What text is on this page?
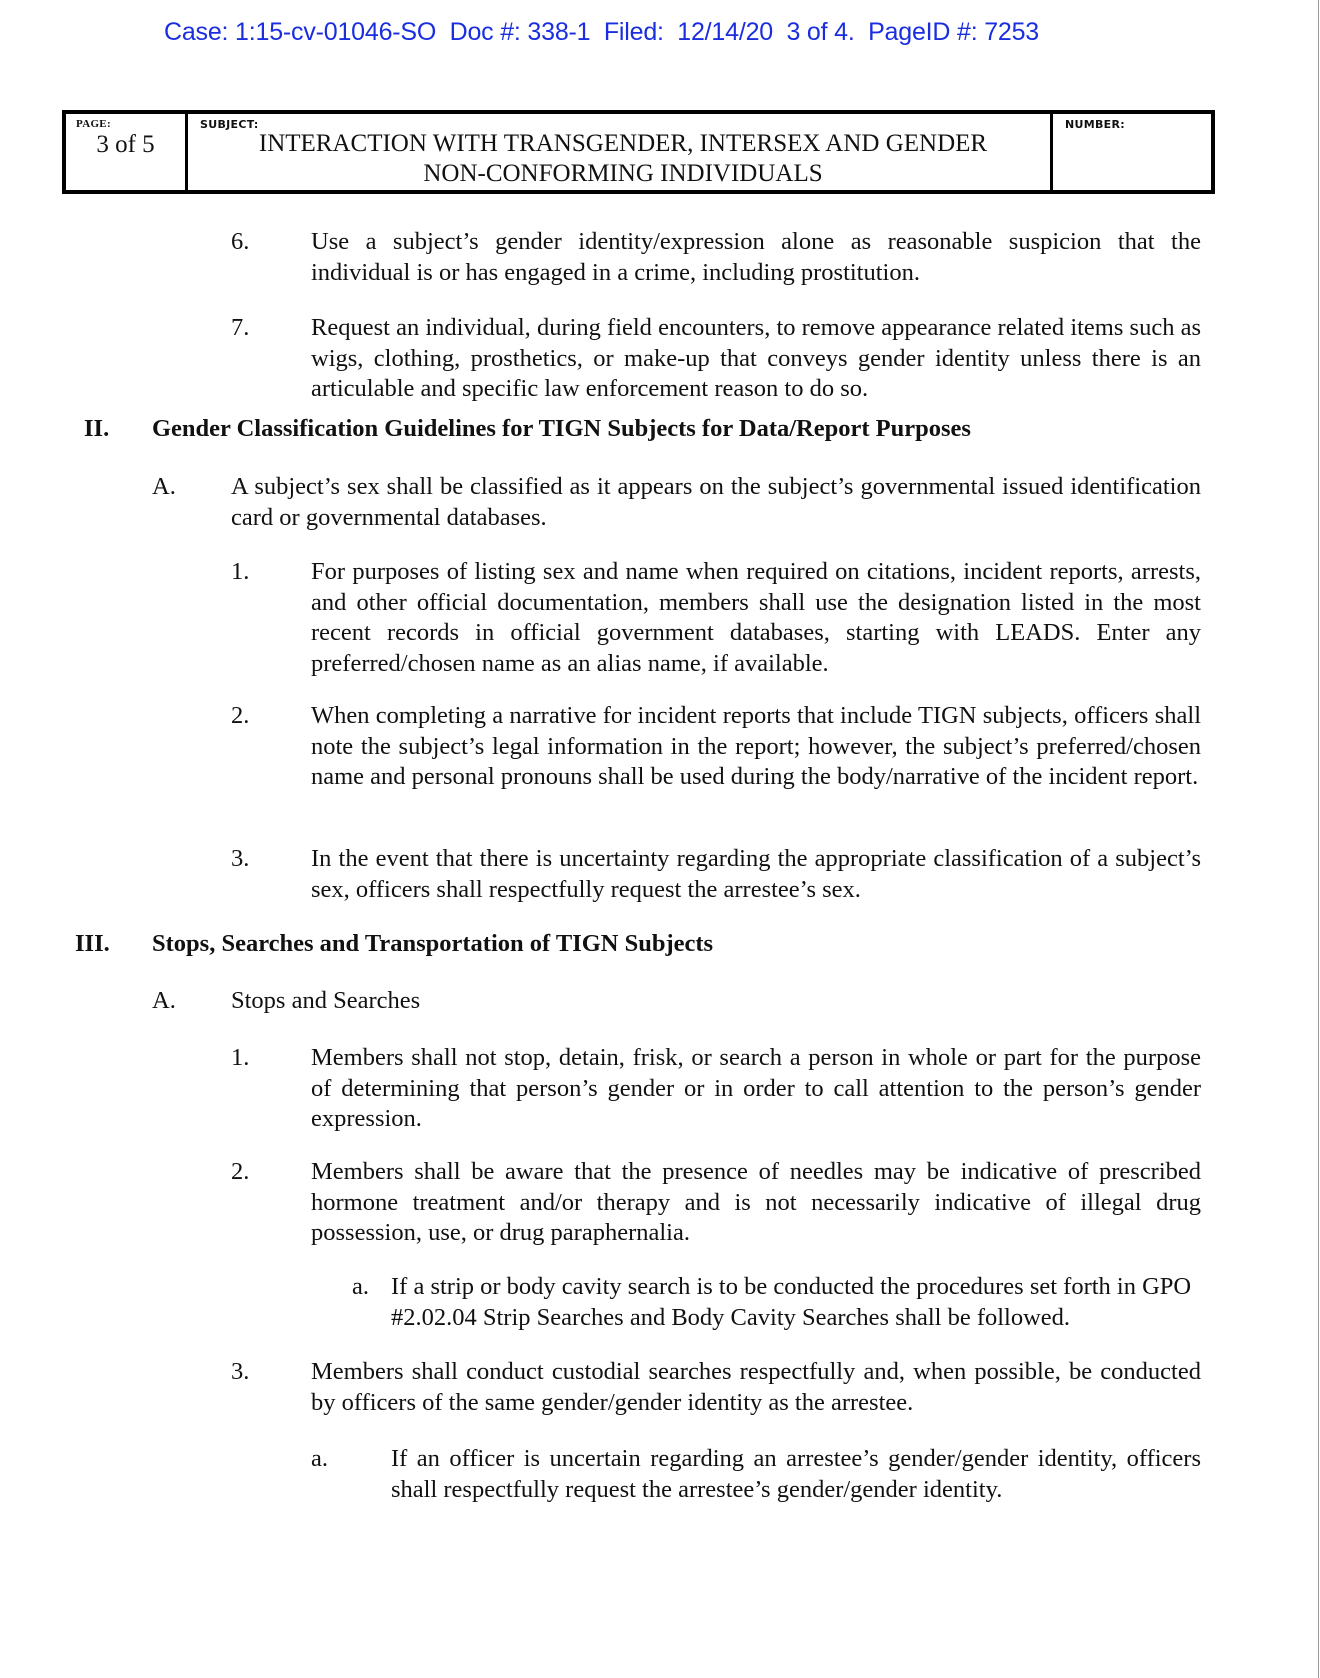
Case: 1:15-cv-01046-SO  Doc #: 338-1  Filed:  12/14/20  3 of 4.  PageID #: 7253
PAGE:
3 of 5
SUBJECT:
INTERACTION WITH TRANSGENDER, INTERSEX AND GENDER
NON-CONFORMING INDIVIDUALS
NUMBER:
6.	Use a subject’s gender identity/expression alone as reasonable suspicion that the individual is or has engaged in a crime, including prostitution.
7.	Request an individual, during field encounters, to remove appearance related items such as wigs, clothing, prosthetics, or make-up that conveys gender identity unless there is an articulable and specific law enforcement reason to do so.
II. Gender Classification Guidelines for TIGN Subjects for Data/Report Purposes
A. A subject’s sex shall be classified as it appears on the subject’s governmental issued identification card or governmental databases.
1.	For purposes of listing sex and name when required on citations, incident reports, arrests, and other official documentation, members shall use the designation listed in the most recent records in official government databases, starting with LEADS. Enter any preferred/chosen name as an alias name, if available.
2.	When completing a narrative for incident reports that include TIGN subjects, officers shall note the subject’s legal information in the report; however, the subject’s preferred/chosen name and personal pronouns shall be used during the body/narrative of the incident report.
3.	In the event that there is uncertainty regarding the appropriate classification of a subject’s sex, officers shall respectfully request the arrestee’s sex.
III. Stops, Searches and Transportation of TIGN Subjects
A. Stops and Searches
1.	Members shall not stop, detain, frisk, or search a person in whole or part for the purpose of determining that person’s gender or in order to call attention to the person’s gender expression.
2.	Members shall be aware that the presence of needles may be indicative of prescribed hormone treatment and/or therapy and is not necessarily indicative of illegal drug possession, use, or drug paraphernalia.
a. If a strip or body cavity search is to be conducted the procedures set forth in GPO #2.02.04 Strip Searches and Body Cavity Searches shall be followed.
3.	Members shall conduct custodial searches respectfully and, when possible, be conducted by officers of the same gender/gender identity as the arrestee.
a.	If an officer is uncertain regarding an arrestee’s gender/gender identity, officers shall respectfully request the arrestee’s gender/gender identity.
